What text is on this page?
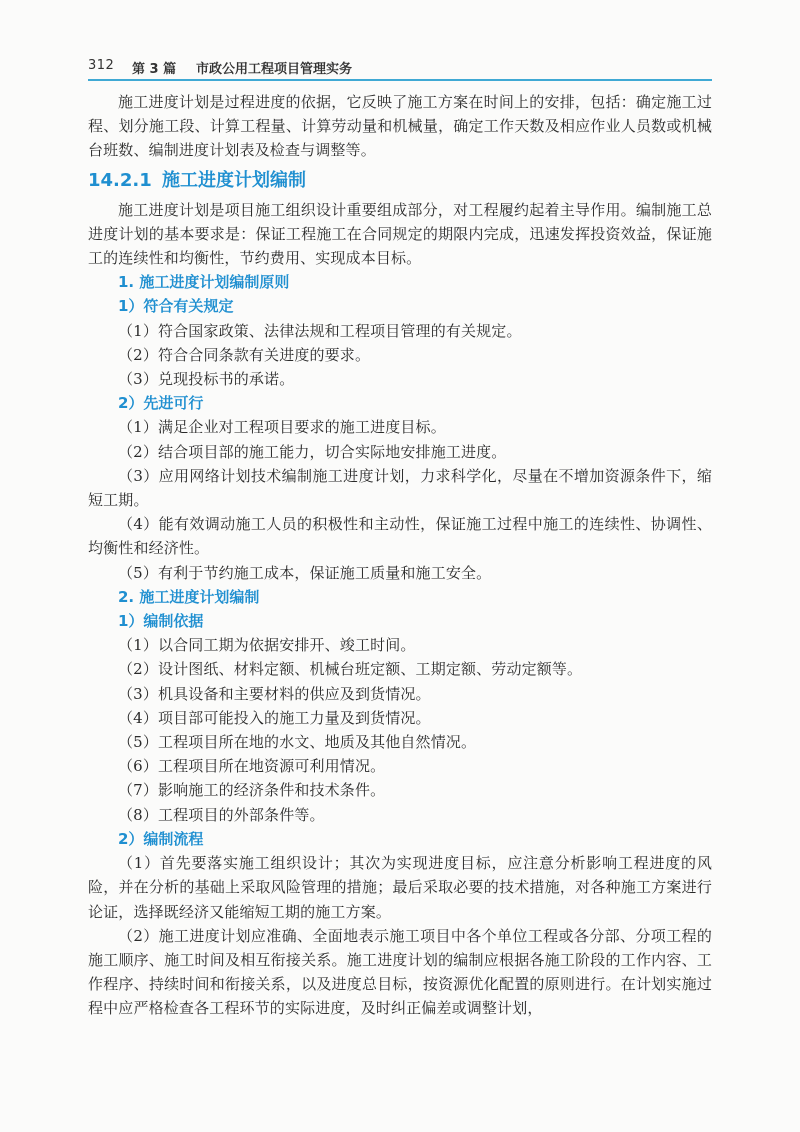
312 第 3 篇 市政公用工程项目管理实务

施工进度计划是过程进度的依据，它反映了施工方案在时间上的安排，包括：确定施工过程、划分施工段、计算工程量、计算劳动量和机械量，确定工作天数及相应作业人员数或机械台班数、编制进度计划表及检查与调整等。

14.2.1 施工进度计划编制

施工进度计划是项目施工组织设计重要组成部分，对工程履约起着主导作用。编制施工总进度计划的基本要求是：保证工程施工在合同规定的期限内完成，迅速发挥投资效益，保证施工的连续性和均衡性，节约费用、实现成本目标。

1. 施工进度计划编制原则
1）符合有关规定

（1）符合国家政策、法律法规和工程项目管理的有关规定。

（2）符合合同条款有关进度的要求。

（3）兑现投标书的承诺。

2）先进可行

（1）满足企业对工程项目要求的施工进度目标。

（2）结合项目部的施工能力，切合实际地安排施工进度。

（3）应用网络计划技术编制施工进度计划，力求科学化，尽量在不增加资源条件下，缩短工期。

（4）能有效调动施工人员的积极性和主动性，保证施工过程中施工的连续性、协调性、均衡性和经济性。

（5）有利于节约施工成本，保证施工质量和施工安全。

2. 施工进度计划编制
1）编制依据

（1）以合同工期为依据安排开、竣工时间。

（2）设计图纸、材料定额、机械台班定额、工期定额、劳动定额等。

（3）机具设备和主要材料的供应及到货情况。

（4）项目部可能投入的施工力量及到货情况。

（5）工程项目所在地的水文、地质及其他自然情况。

（6）工程项目所在地资源可利用情况。

（7）影响施工的经济条件和技术条件。

（8）工程项目的外部条件等。

2）编制流程

（1）首先要落实施工组织设计；其次为实现进度目标，应注意分析影响工程进度的风险，并在分析的基础上采取风险管理的措施；最后采取必要的技术措施，对各种施工方案进行论证，选择既经济又能缩短工期的施工方案。

（2）施工进度计划应准确、全面地表示施工项目中各个单位工程或各分部、分项工程的施工顺序、施工时间及相互衔接关系。施工进度计划的编制应根据各施工阶段的工作内容、工作程序、持续时间和衔接关系，以及进度总目标，按资源优化配置的原则进行。在计划实施过程中应严格检查各工程环节的实际进度，及时纠正偏差或调整计划，
